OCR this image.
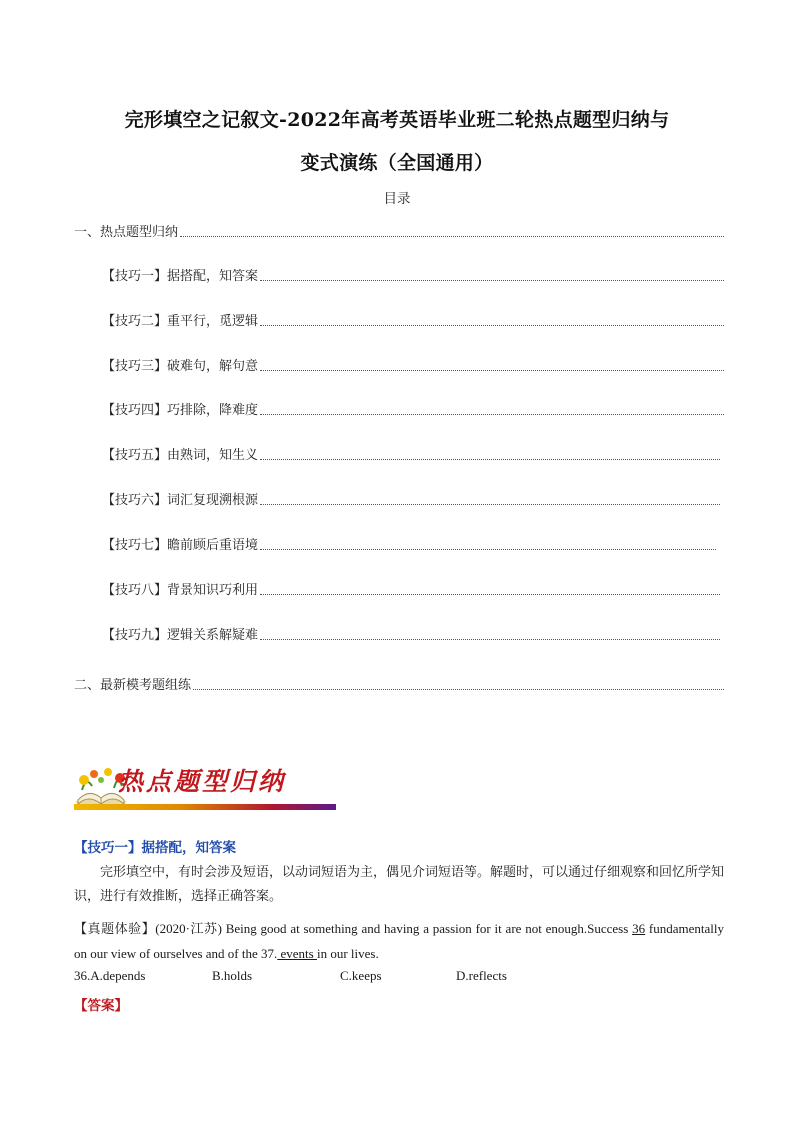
完形填空之记叙文-2022年高考英语毕业班二轮热点题型归纳与
变式演练（全国通用）
目录
一、热点题型归纳
【技巧一】据搭配，知答案
【技巧二】重平行，觅逻辑
【技巧三】破难句，解句意
【技巧四】巧排除，降难度
【技巧五】由熟词，知生义
【技巧六】词汇复现溯根源
【技巧七】瞻前顾后重语境
【技巧八】背景知识巧利用
【技巧九】逻辑关系解疑难
二、最新模考题组练
热点题型归纳
【技巧一】据搭配，知答案
完形填空中，有时会涉及短语，以动词短语为主，偶见介词短语等。解题时，可以通过仔细观察和回忆所学知识，进行有效推断，选择正确答案。
【真题体验】(2020·江苏) Being good at something and having a passion for it are not enough.Success 36 fundamentally on our view of ourselves and of the 37. events in our lives.
36.A.depends	B.holds	C.keeps	D.reflects
【答案】
